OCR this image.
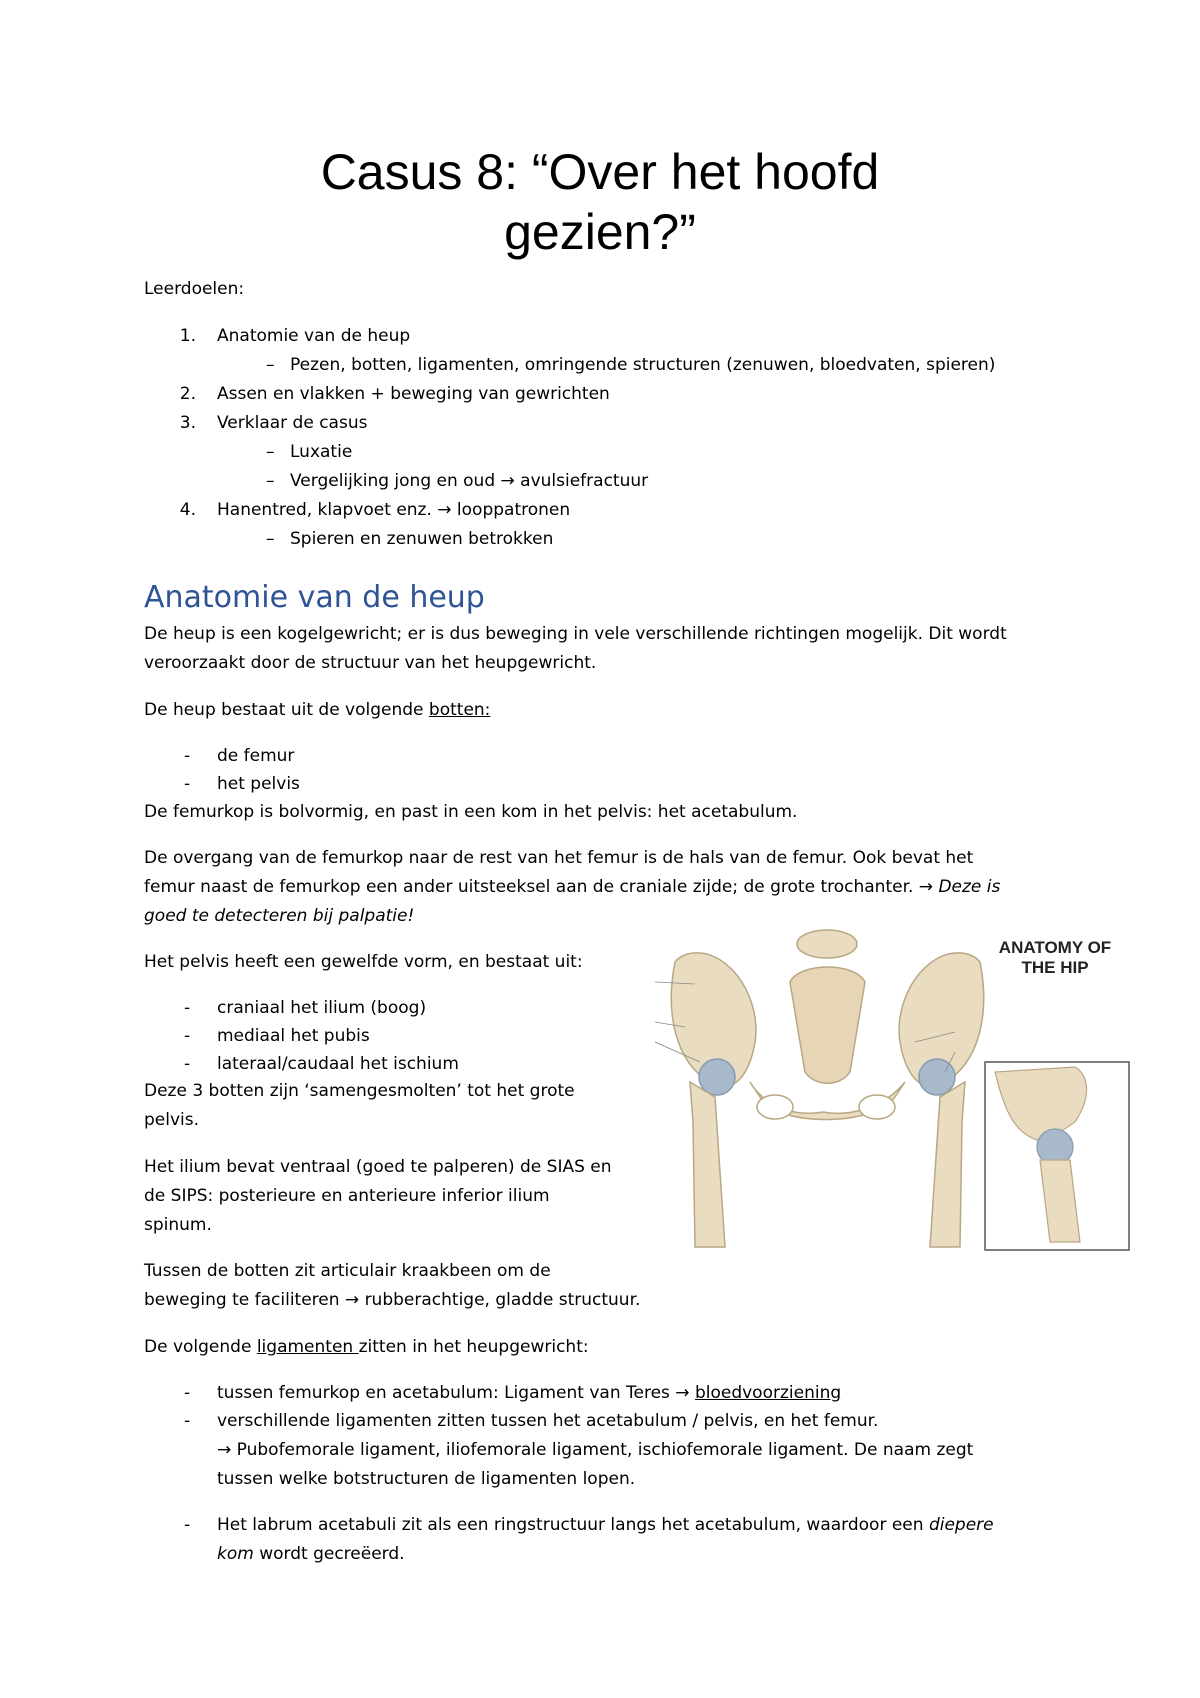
Casus 8: “Over het hoofd
gezien?”
Leerdoelen:
1. Anatomie van de heup
– Pezen, botten, ligamenten, omringende structuren (zenuwen, bloedvaten, spieren)
2. Assen en vlakken + beweging van gewrichten
3. Verklaar de casus
– Luxatie
– Vergelijking jong en oud → avulsiefractuur
4. Hanentred, klapvoet enz. → looppatronen
– Spieren en zenuwen betrokken
Anatomie van de heup
De heup is een kogelgewricht; er is dus beweging in vele verschillende richtingen mogelijk. Dit wordt
veroorzaakt door de structuur van het heupgewricht.
De heup bestaat uit de volgende botten:
- de femur
- het pelvis
De femurkop is bolvormig, en past in een kom in het pelvis: het acetabulum.
De overgang van de femurkop naar de rest van het femur is de hals van de femur. Ook bevat het
femur naast de femurkop een ander uitsteeksel aan de craniale zijde; de grote trochanter. → Deze is
goed te detecteren bij palpatie!
Het pelvis heeft een gewelfde vorm, en bestaat uit:
- craniaal het ilium (boog)
- mediaal het pubis
- lateraal/caudaal het ischium
Deze 3 botten zijn ‘samengesmolten’ tot het grote
pelvis.
Het ilium bevat ventraal (goed te palperen) de SIAS en
de SIPS: posterieure en anterieure inferior ilium
spinum.
Tussen de botten zit articulair kraakbeen om de
beweging te faciliteren → rubberachtige, gladde structuur.
De volgende ligamenten zitten in het heupgewricht:
- tussen femurkop en acetabulum: Ligament van Teres → bloedvoorziening
- verschillende ligamenten zitten tussen het acetabulum / pelvis, en het femur.
→ Pubofemorale ligament, iliofemorale ligament, ischiofemorale ligament. De naam zegt
tussen welke botstructuren de ligamenten lopen.
- Het labrum acetabuli zit als een ringstructuur langs het acetabulum, waardoor een diepere
kom wordt gecreëerd.
ANATOMY OF THE HIP
